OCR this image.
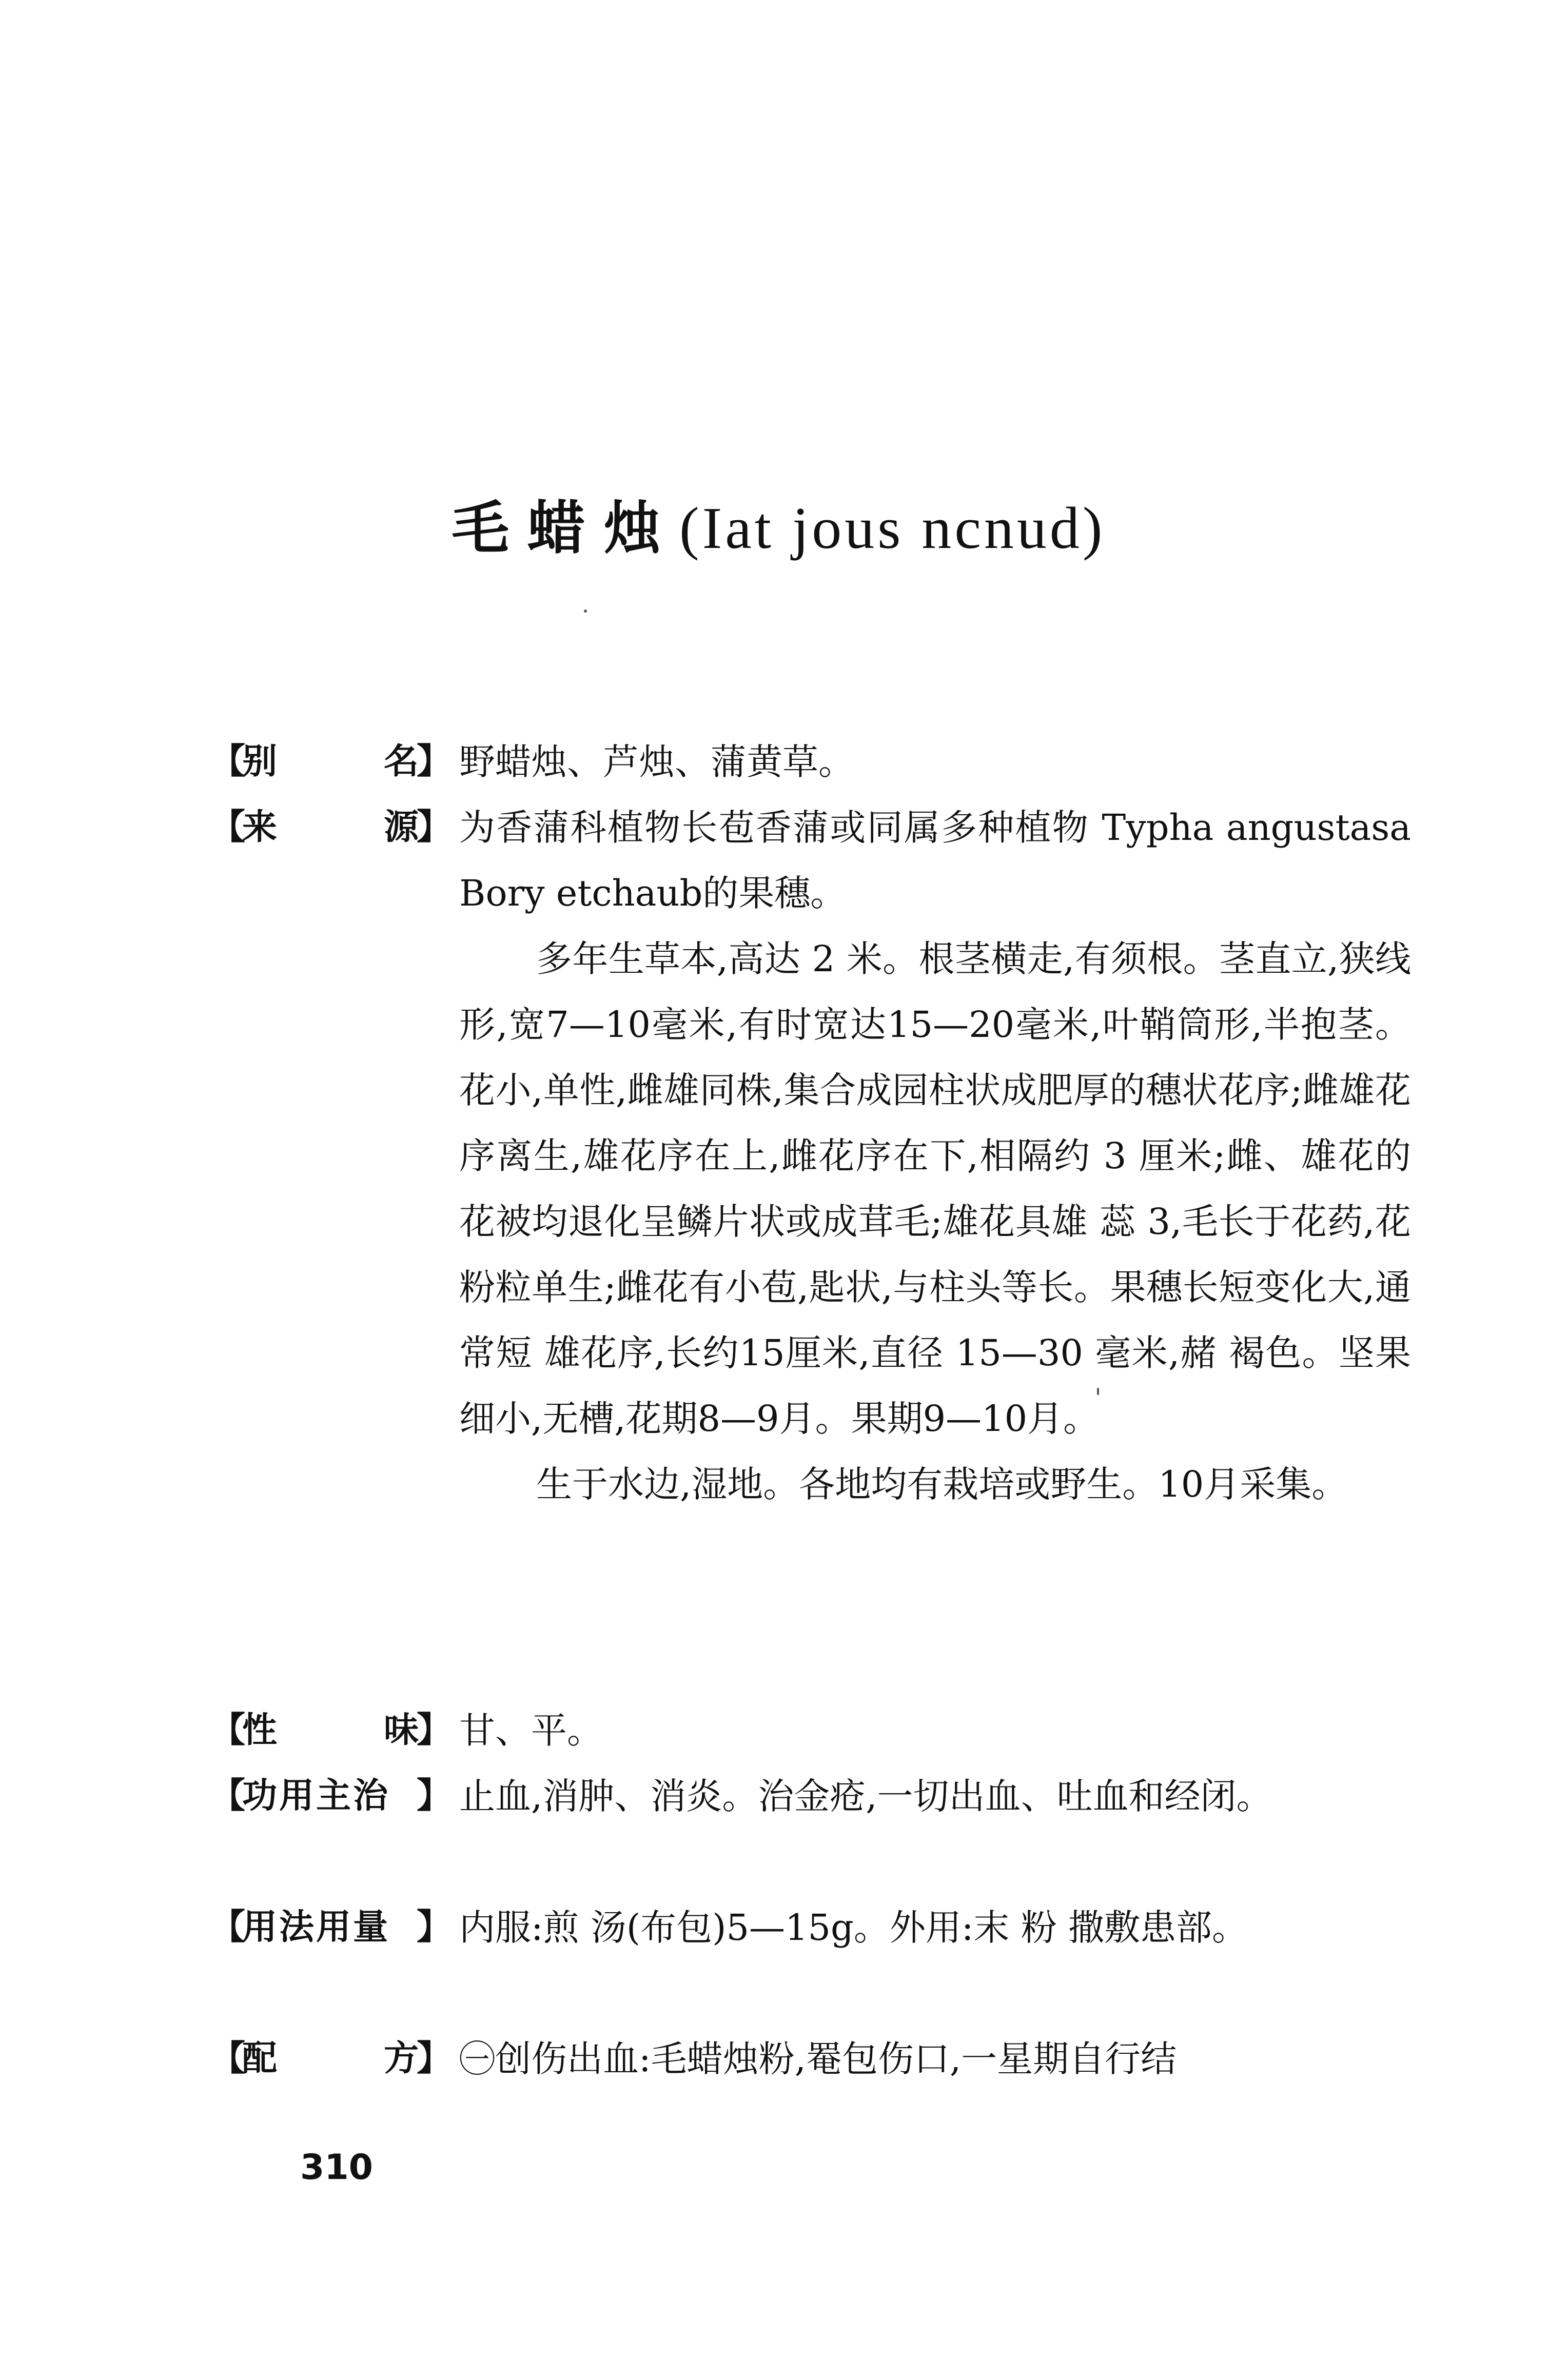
毛蜡烛(Iat jous ncnud)
【
别	名
】 野蜡烛、芦烛、蒲黄草。

【
来	源
】 为香蒲科植物长苞香蒲或同属多种植物 Typha angustasa Bory etchaub的果穗。

多年生草本,高达 2 米。根茎横走,有须根。茎直立,狭线形,宽7—10毫米,有时宽达15—20毫米,叶鞘筒形,半抱茎。花小,单性,雌雄同株,集合成园柱状成肥厚的穗状花序;雌雄花序离生,雄花序在上,雌花序在下,相隔约 3 厘米;雌、雄花的花被均退化呈鳞片状或成茸毛;雄花具雄 蕊 3,毛长于花药,花粉粒单生;雌花有小苞,匙状,与柱头等长。果穗长短变化大,通常短 雄花序,长约15厘米,直径 15—30 毫米,赭 褐色。坚果细小,无槽,花期8—9月。果期9—10月。

生于水边,湿地。各地均有栽培或野生。10月采集。

【
性	味
】 甘、平。

【
功用主治 】 止血,消肿、消炎。治金疮,一切出血、吐血和经闭。

【
用法用量 】 内服:煎 汤(布包)5—15g。外用:末 粉 撒敷患部。

【
配	方
】 ㊀创伤出血:毛蜡烛粉,罨包伤口,一星期自行结

310
